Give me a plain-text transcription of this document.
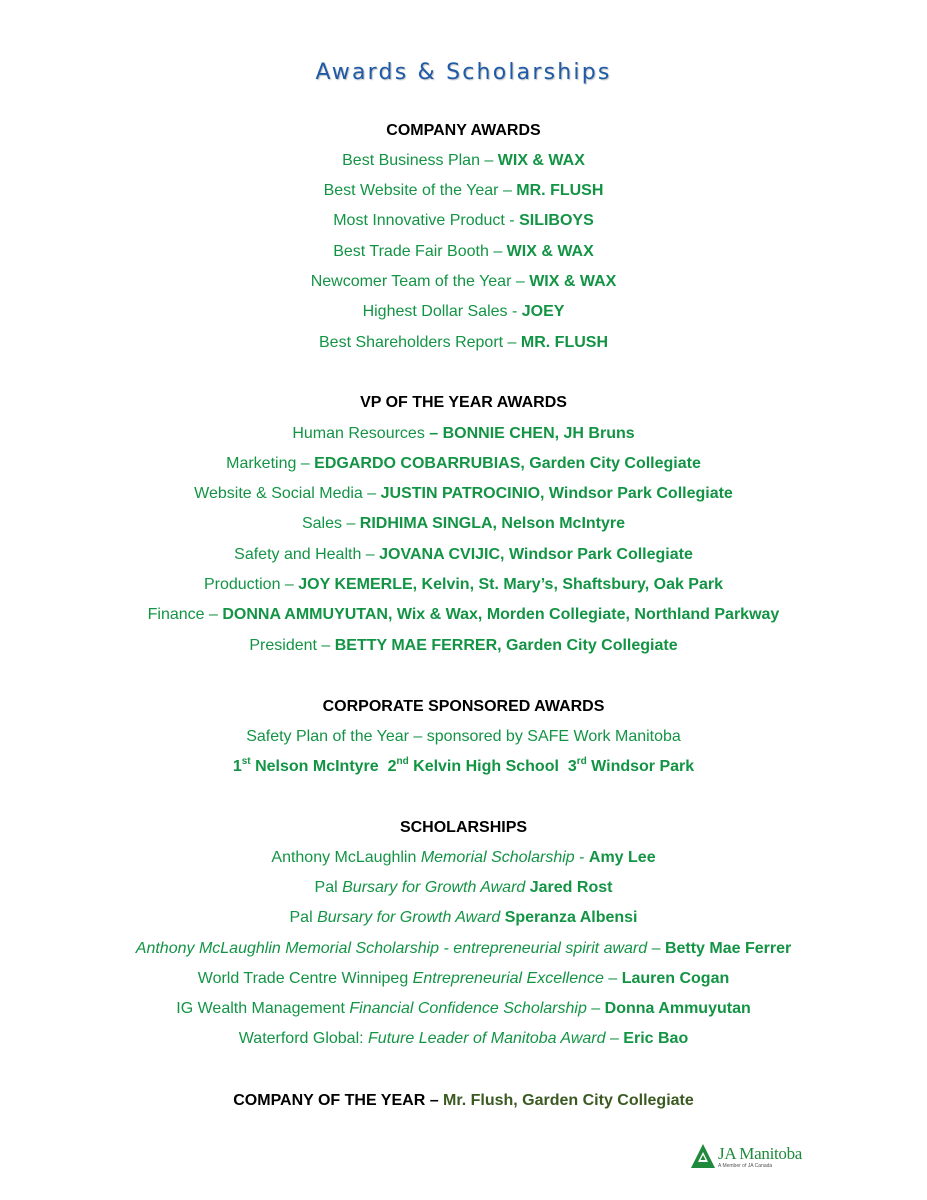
Awards & Scholarships
COMPANY AWARDS
Best Business Plan – WIX & WAX
Best Website of the Year – MR. FLUSH
Most Innovative Product - SILIBOYS
Best Trade Fair Booth – WIX & WAX
Newcomer Team of the Year – WIX & WAX
Highest Dollar Sales - JOEY
Best Shareholders Report – MR. FLUSH
VP OF THE YEAR AWARDS
Human Resources – BONNIE CHEN, JH Bruns
Marketing – EDGARDO COBARRUBIAS, Garden City Collegiate
Website & Social Media – JUSTIN PATROCINIO, Windsor Park Collegiate
Sales – RIDHIMA SINGLA, Nelson McIntyre
Safety and Health – JOVANA CVIJIC, Windsor Park Collegiate
Production – JOY KEMERLE, Kelvin, St. Mary’s, Shaftsbury, Oak Park
Finance – DONNA AMMUYUTAN, Wix & Wax, Morden Collegiate, Northland Parkway
President – BETTY MAE FERRER, Garden City Collegiate
CORPORATE SPONSORED AWARDS
Safety Plan of the Year – sponsored by SAFE Work Manitoba
1st Nelson McIntyre  2nd Kelvin High School  3rd Windsor Park
SCHOLARSHIPS
Anthony McLaughlin Memorial Scholarship - Amy Lee
Pal Bursary for Growth Award Jared Rost
Pal Bursary for Growth Award Speranza Albensi
Anthony McLaughlin Memorial Scholarship - entrepreneurial spirit award – Betty Mae Ferrer
World Trade Centre Winnipeg Entrepreneurial Excellence – Lauren Cogan
IG Wealth Management Financial Confidence Scholarship – Donna Ammuyutan
Waterford Global: Future Leader of Manitoba Award – Eric Bao
COMPANY OF THE YEAR – Mr. Flush, Garden City Collegiate
JA Manitoba
A Member of JA Canada
